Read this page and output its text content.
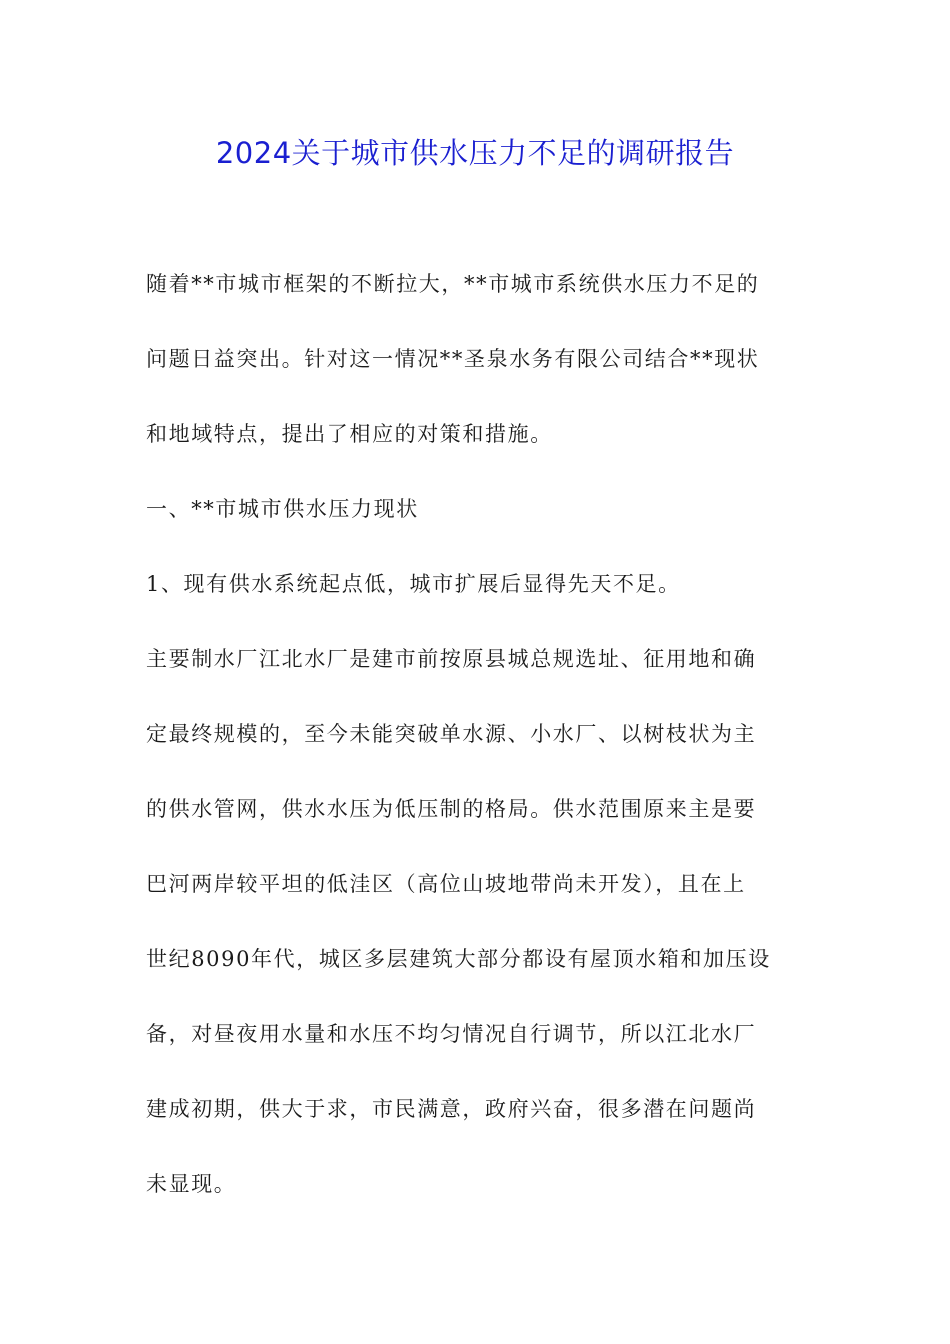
2024关于城市供水压力不足的调研报告
随着**市城市框架的不断拉大，**市城市系统供水压力不足的
问题日益突出。针对这一情况**圣泉水务有限公司结合**现状
和地域特点，提出了相应的对策和措施。
一、**市城市供水压力现状
1、现有供水系统起点低，城市扩展后显得先天不足。
主要制水厂江北水厂是建市前按原县城总规选址、征用地和确
定最终规模的，至今未能突破单水源、小水厂、以树枝状为主
的供水管网，供水水压为低压制的格局。供水范围原来主是要
巴河两岸较平坦的低洼区（高位山坡地带尚未开发），且在上
世纪8090年代，城区多层建筑大部分都设有屋顶水箱和加压设
备，对昼夜用水量和水压不均匀情况自行调节，所以江北水厂
建成初期，供大于求，市民满意，政府兴奋，很多潜在问题尚
未显现。
